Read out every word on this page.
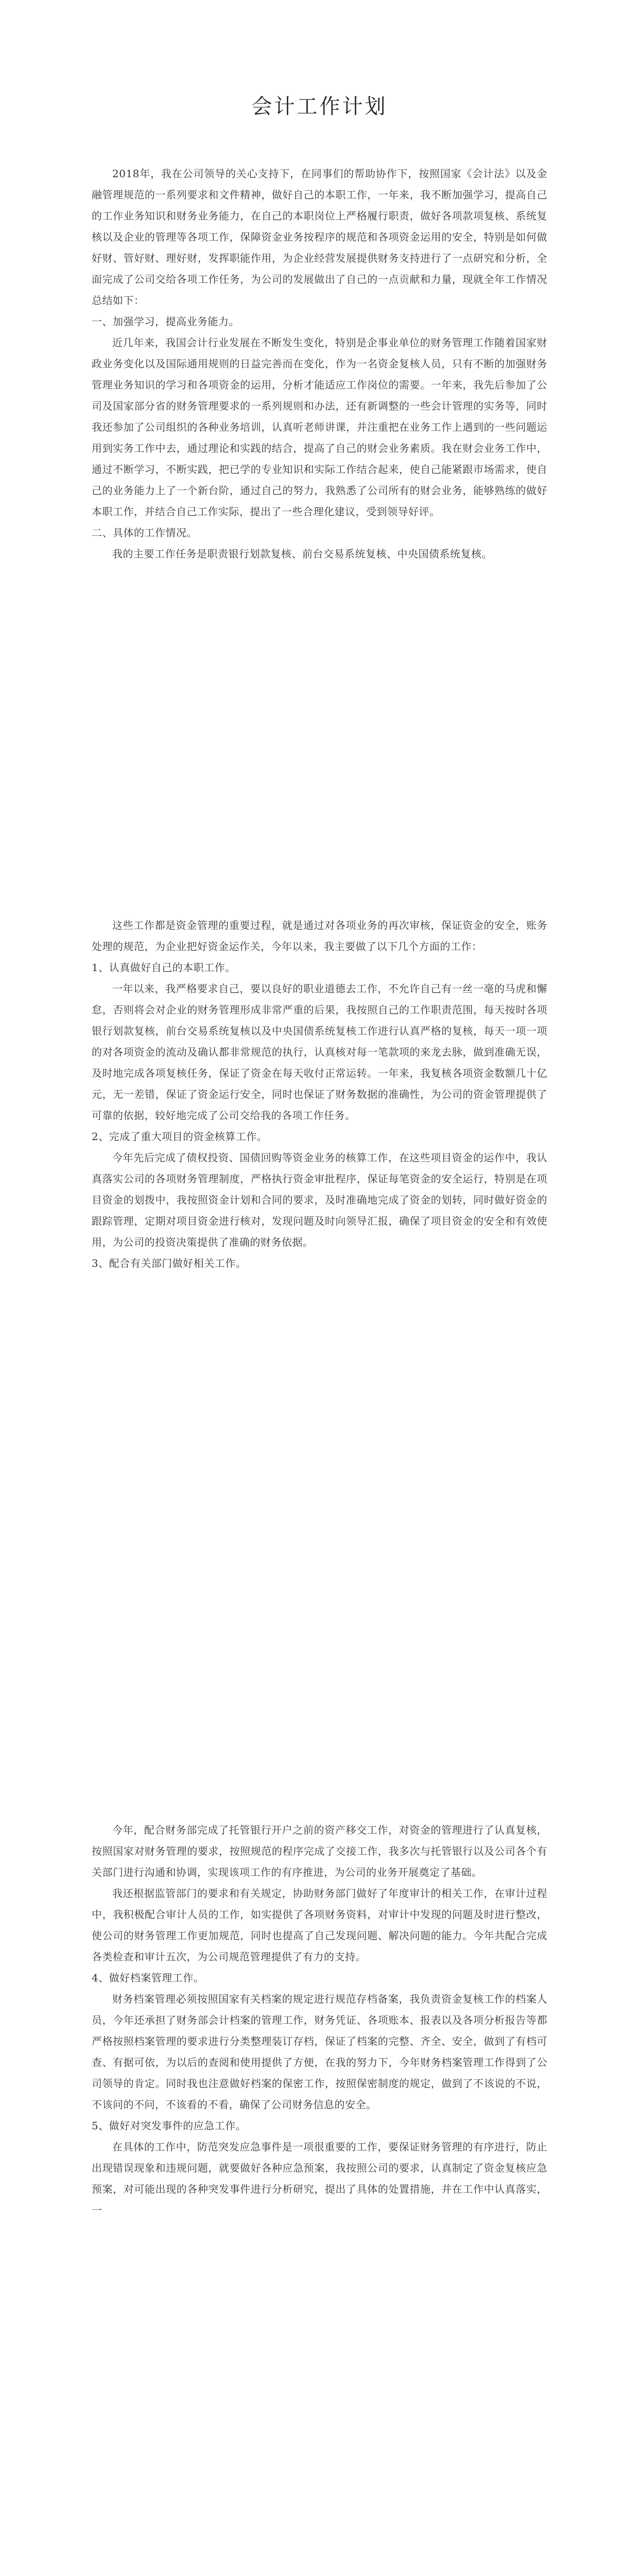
会计工作计划

2018年，我在公司领导的关心支持下，在同事们的帮助协作下，按照国家《会计法》以及金融管理规范的一系列要求和文件精神，做好自己的本职工作，一年来，我不断加强学习，提高自己的工作业务知识和财务业务能力，在自己的本职岗位上严格履行职责，做好各项款项复核、系统复核以及企业的管理等各项工作，保障资金业务按程序的规范和各项资金运用的安全，特别是如何做好财、管好财、理好财，发挥职能作用，为企业经营发展提供财务支持进行了一点研究和分析，全面完成了公司交给各项工作任务，为公司的发展做出了自己的一点贡献和力量，现就全年工作情况总结如下：

一、加强学习，提高业务能力。

近几年来，我国会计行业发展在不断发生变化，特别是企事业单位的财务管理工作随着国家财政业务变化以及国际通用规则的日益完善而在变化，作为一名资金复核人员，只有不断的加强财务管理业务知识的学习和各项资金的运用，分析才能适应工作岗位的需要。一年来，我先后参加了公司及国家部分省的财务管理要求的一系列规则和办法，还有新调整的一些会计管理的实务等，同时我还参加了公司组织的各种业务培训，认真听老师讲课，并注重把在业务工作上遇到的一些问题运用到实务工作中去，通过理论和实践的结合，提高了自己的财会业务素质。我在财会业务工作中，通过不断学习，不断实践，把已学的专业知识和实际工作结合起来，使自己能紧跟市场需求，使自己的业务能力上了一个新台阶，通过自己的努力，我熟悉了公司所有的财会业务，能够熟练的做好本职工作，并结合自己工作实际，提出了一些合理化建议，受到领导好评。

二、具体的工作情况。

我的主要工作任务是职责银行划款复核、前台交易系统复核、中央国债系统复核。

这些工作都是资金管理的重要过程，就是通过对各项业务的再次审核，保证资金的安全，账务处理的规范，为企业把好资金运作关，今年以来，我主要做了以下几个方面的工作：

1、认真做好自己的本职工作。

一年以来，我严格要求自己，要以良好的职业道德去工作，不允许自己有一丝一毫的马虎和懈怠，否则将会对企业的财务管理形成非常严重的后果，我按照自己的工作职责范围，每天按时各项银行划款复核，前台交易系统复核以及中央国债系统复核工作进行认真严格的复核，每天一项一项的对各项资金的流动及确认都非常规范的执行，认真核对每一笔款项的来龙去脉，做到准确无误，及时地完成各项复核任务，保证了资金在每天收付正常运转。一年来，我复核各项资金数额几十亿元，无一差错，保证了资金运行安全，同时也保证了财务数据的准确性，为公司的资金管理提供了可靠的依据，较好地完成了公司交给我的各项工作任务。

2、完成了重大项目的资金核算工作。

今年先后完成了债权投资、国债回购等资金业务的核算工作，在这些项目资金的运作中，我认真落实公司的各项财务管理制度，严格执行资金审批程序，保证每笔资金的安全运行，特别是在项目资金的划拨中，我按照资金计划和合同的要求，及时准确地完成了资金的划转，同时做好资金的跟踪管理，定期对项目资金进行核对，发现问题及时向领导汇报，确保了项目资金的安全和有效使用，为公司的投资决策提供了准确的财务依据。

3、配合有关部门做好相关工作。

今年，配合财务部完成了托管银行开户之前的资产移交工作，对资金的管理进行了认真复核，按照国家对财务管理的要求，按照规范的程序完成了交接工作，我多次与托管银行以及公司各个有关部门进行沟通和协调，实现该项工作的有序推进，为公司的业务开展奠定了基础。

我还根据监管部门的要求和有关规定，协助财务部门做好了年度审计的相关工作，在审计过程中，我积极配合审计人员的工作，如实提供了各项财务资料，对审计中发现的问题及时进行整改，使公司的财务管理工作更加规范，同时也提高了自己发现问题、解决问题的能力。今年共配合完成各类检查和审计五次，为公司规范管理提供了有力的支持。

4、做好档案管理工作。

财务档案管理必须按照国家有关档案的规定进行规范存档备案，我负责资金复核工作的档案人员，今年还承担了财务部会计档案的管理工作，财务凭证、各项账本、报表以及各项分析报告等都严格按照档案管理的要求进行分类整理装订存档，保证了档案的完整、齐全、安全，做到了有档可查、有据可依，为以后的查阅和使用提供了方便，在我的努力下，今年财务档案管理工作得到了公司领导的肯定。同时我也注意做好档案的保密工作，按照保密制度的规定，做到了不该说的不说，不该问的不问，不该看的不看，确保了公司财务信息的安全。

5、做好对突发事件的应急工作。

在具体的工作中，防范突发应急事件是一项很重要的工作，要保证财务管理的有序进行，防止出现错误现象和违规问题，就要做好各种应急预案，我按照公司的要求，认真制定了资金复核应急预案，对可能出现的各种突发事件进行分析研究，提出了具体的处置措施，并在工作中认真落实，一
